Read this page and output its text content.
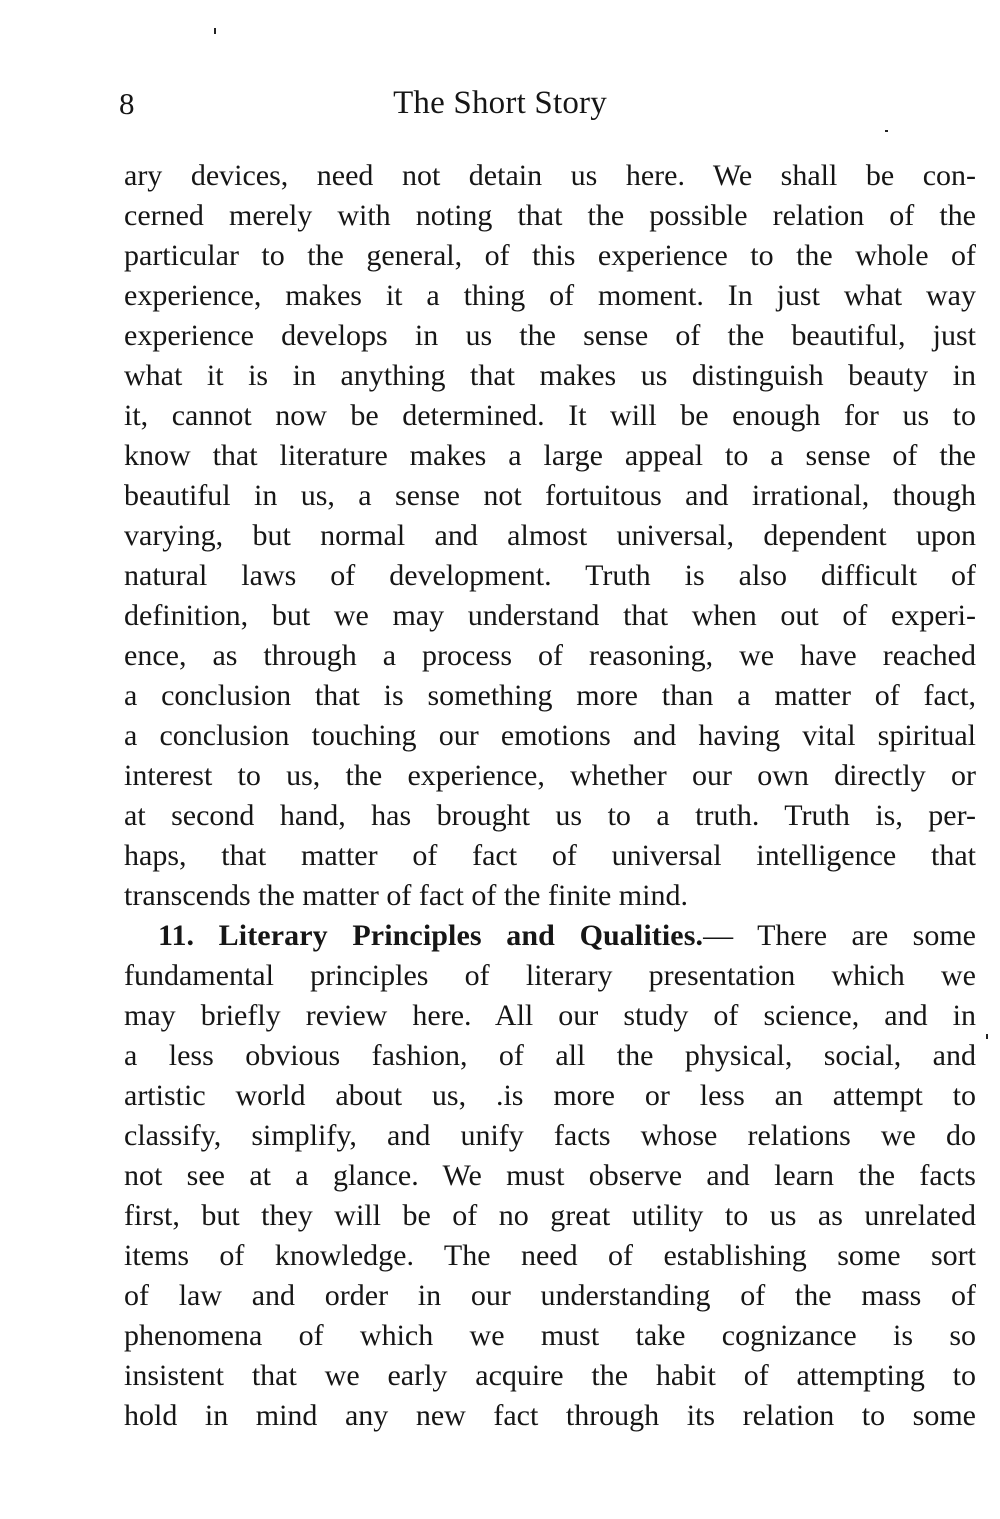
8	The Short Story
ary devices, need not detain us here. We shall be con-
cerned merely with noting that the possible relation of the
particular to the general, of this experience to the whole of
experience, makes it a thing of moment. In just what way
experience develops in us the sense of the beautiful, just
what it is in anything that makes us distinguish beauty in
it, cannot now be determined. It will be enough for us to
know that literature makes a large appeal to a sense of the
beautiful in us, a sense not fortuitous and irrational, though
varying, but normal and almost universal, dependent upon
natural laws of development. Truth is also difficult of
definition, but we may understand that when out of experi-
ence, as through a process of reasoning, we have reached
a conclusion that is something more than a matter of fact,
a conclusion touching our emotions and having vital spiritual
interest to us, the experience, whether our own directly or
at second hand, has brought us to a truth. Truth is, per-
haps, that matter of fact of universal intelligence that
transcends the matter of fact of the finite mind.
11. Literary Principles and Qualities.— There are some
fundamental principles of literary presentation which we
may briefly review here. All our study of science, and in
a less obvious fashion, of all the physical, social, and
artistic world about us, .is more or less an attempt to
classify, simplify, and unify facts whose relations we do
not see at a glance. We must observe and learn the facts
first, but they will be of no great utility to us as unrelated
items of knowledge. The need of establishing some sort
of law and order in our understanding of the mass of
phenomena of which we must take cognizance is so
insistent that we early acquire the habit of attempting to
hold in mind any new fact through its relation to some
